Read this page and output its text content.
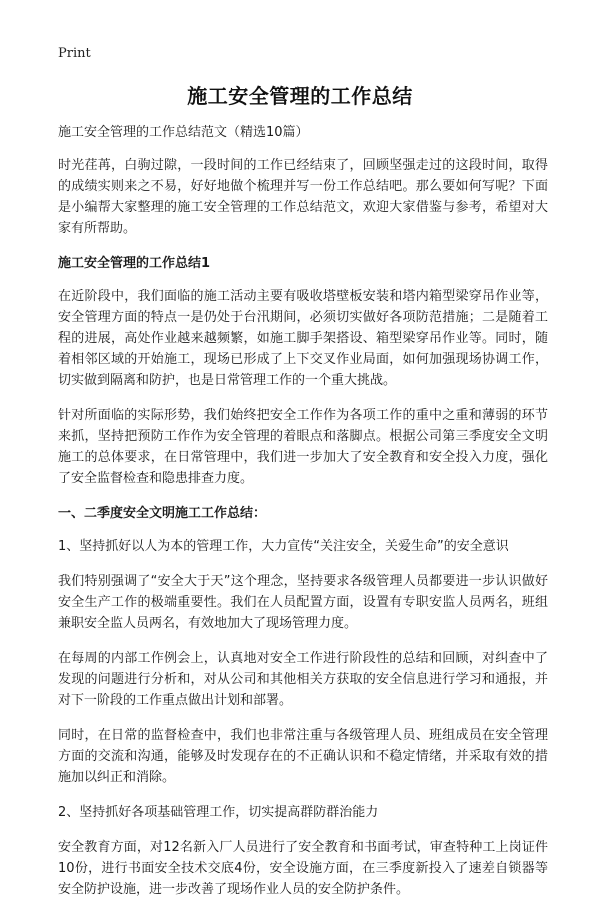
Print
施工安全管理的工作总结

施工安全管理的工作总结范文（精选10篇）

时光荏苒，白驹过隙，一段时间的工作已经结束了，回顾坚强走过的这段时间，取得的成绩实则来之不易，好好地做个梳理并写一份工作总结吧。那么要如何写呢？下面是小编帮大家整理的施工安全管理的工作总结范文，欢迎大家借鉴与参考，希望对大家有所帮助。

施工安全管理的工作总结1

在近阶段中，我们面临的施工活动主要有吸收塔壁板安装和塔内箱型梁穿吊作业等，安全管理方面的特点一是仍处于台汛期间，必须切实做好各项防范措施；二是随着工程的进展，高处作业越来越频繁，如施工脚手架搭设、箱型梁穿吊作业等。同时，随着相邻区域的开始施工，现场已形成了上下交叉作业局面，如何加强现场协调工作，切实做到隔离和防护，也是日常管理工作的一个重大挑战。

针对所面临的实际形势，我们始终把安全工作作为各项工作的重中之重和薄弱的环节来抓，坚持把预防工作作为安全管理的着眼点和落脚点。根据公司第三季度安全文明施工的总体要求，在日常管理中，我们进一步加大了安全教育和安全投入力度，强化了安全监督检查和隐患排查力度。

一、二季度安全文明施工工作总结：

1、坚持抓好以人为本的管理工作，大力宣传“关注安全，关爱生命”的安全意识

我们特别强调了“安全大于天”这个理念，坚持要求各级管理人员都要进一步认识做好安全生产工作的极端重要性。我们在人员配置方面，设置有专职安监人员两名，班组兼职安全监人员两名，有效地加大了现场管理力度。

在每周的内部工作例会上，认真地对安全工作进行阶段性的总结和回顾，对纠查中了发现的问题进行分析和，对从公司和其他相关方获取的安全信息进行学习和通报，并对下一阶段的工作重点做出计划和部署。

同时，在日常的监督检查中，我们也非常注重与各级管理人员、班组成员在安全管理方面的交流和沟通，能够及时发现存在的不正确认识和不稳定情绪，并采取有效的措施加以纠正和消除。

2、坚持抓好各项基础管理工作，切实提高群防群治能力

安全教育方面，对12名新入厂人员进行了安全教育和书面考试，审查特种工上岗证件10份，进行书面安全技术交底4份，安全设施方面，在三季度新投入了速差自锁器等安全防护设施，进一步改善了现场作业人员的安全防护条件。
